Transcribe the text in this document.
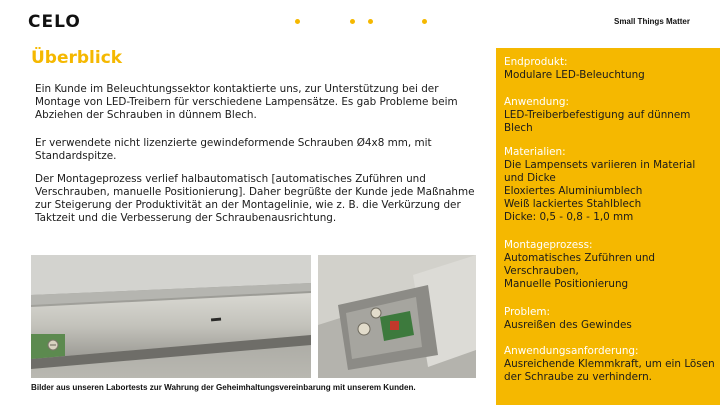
CELO	Small Things Matter
Überblick

Ein Kunde im Beleuchtungssektor kontaktierte uns, zur Unterstützung bei der Montage von LED-Treibern für verschiedene Lampensätze. Es gab Probleme beim Abziehen der Schrauben in dünnem Blech.

Er verwendete nicht lizenzierte gewindeformende Schrauben Ø4x8 mm, mit Standardspitze.

Der Montageprozess verlief halbautomatisch [automatisches Zuführen und Verschrauben, manuelle Positionierung]. Daher begrüßte der Kunde jede Maßnahme zur Steigerung der Produktivität an der Montagelinie, wie z. B. die Verkürzung der Taktzeit und die Verbesserung der Schraubenausrichtung.

Bilder aus unseren Labortests zur Wahrung der Geheimhaltungsvereinbarung mit unserem Kunden.
Endprodukt:
Modulare LED-Beleuchtung
Anwendung:
LED-Treiberbefestigung auf dünnem Blech
Materialien:
Die Lampensets variieren in Material und Dicke
Eloxiertes Aluminiumblech
Weiß lackiertes Stahlblech
Dicke: 0,5 - 0,8 - 1,0 mm
Montageprozess:
Automatisches Zuführen und Verschrauben,
Manuelle Positionierung
Problem:
Ausreißen des Gewindes
Anwendungsanforderung:
Ausreichende Klemmkraft, um ein Lösen der Schraube zu verhindern.
